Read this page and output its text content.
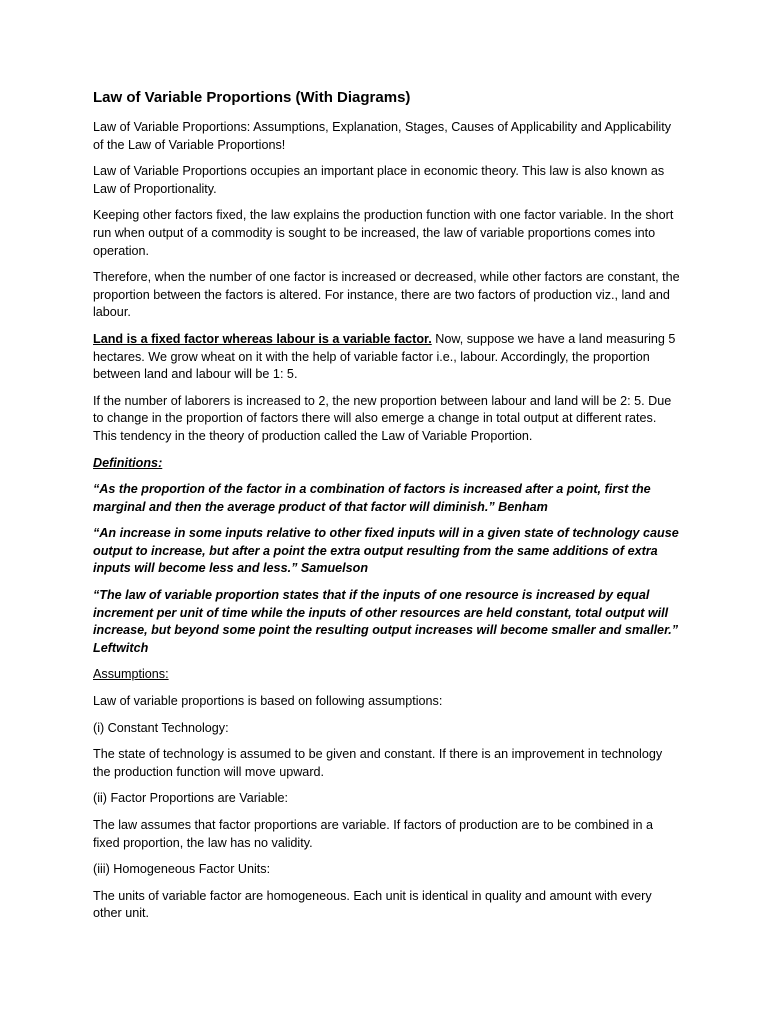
Law of Variable Proportions (With Diagrams)

Law of Variable Proportions: Assumptions, Explanation, Stages, Causes of Applicability and Applicability of the Law of Variable Proportions!

Law of Variable Proportions occupies an important place in economic theory. This law is also known as Law of Proportionality.

Keeping other factors fixed, the law explains the production function with one factor variable. In the short run when output of a commodity is sought to be increased, the law of variable proportions comes into operation.

Therefore, when the number of one factor is increased or decreased, while other factors are constant, the proportion between the factors is altered. For instance, there are two factors of production viz., land and labour.

Land is a fixed factor whereas labour is a variable factor. Now, suppose we have a land measuring 5 hectares. We grow wheat on it with the help of variable factor i.e., labour. Accordingly, the proportion between land and labour will be 1: 5.

If the number of laborers is increased to 2, the new proportion between labour and land will be 2: 5. Due to change in the proportion of factors there will also emerge a change in total output at different rates. This tendency in the theory of production called the Law of Variable Proportion.

Definitions:

“As the proportion of the factor in a combination of factors is increased after a point, first the marginal and then the average product of that factor will diminish.” Benham

“An increase in some inputs relative to other fixed inputs will in a given state of technology cause output to increase, but after a point the extra output resulting from the same additions of extra inputs will become less and less.” Samuelson

“The law of variable proportion states that if the inputs of one resource is increased by equal increment per unit of time while the inputs of other resources are held constant, total output will increase, but beyond some point the resulting output increases will become smaller and smaller.” Leftwitch

Assumptions:

Law of variable proportions is based on following assumptions:

(i) Constant Technology:

The state of technology is assumed to be given and constant. If there is an improvement in technology the production function will move upward.

(ii) Factor Proportions are Variable:

The law assumes that factor proportions are variable. If factors of production are to be combined in a fixed proportion, the law has no validity.

(iii) Homogeneous Factor Units:

The units of variable factor are homogeneous. Each unit is identical in quality and amount with every other unit.
